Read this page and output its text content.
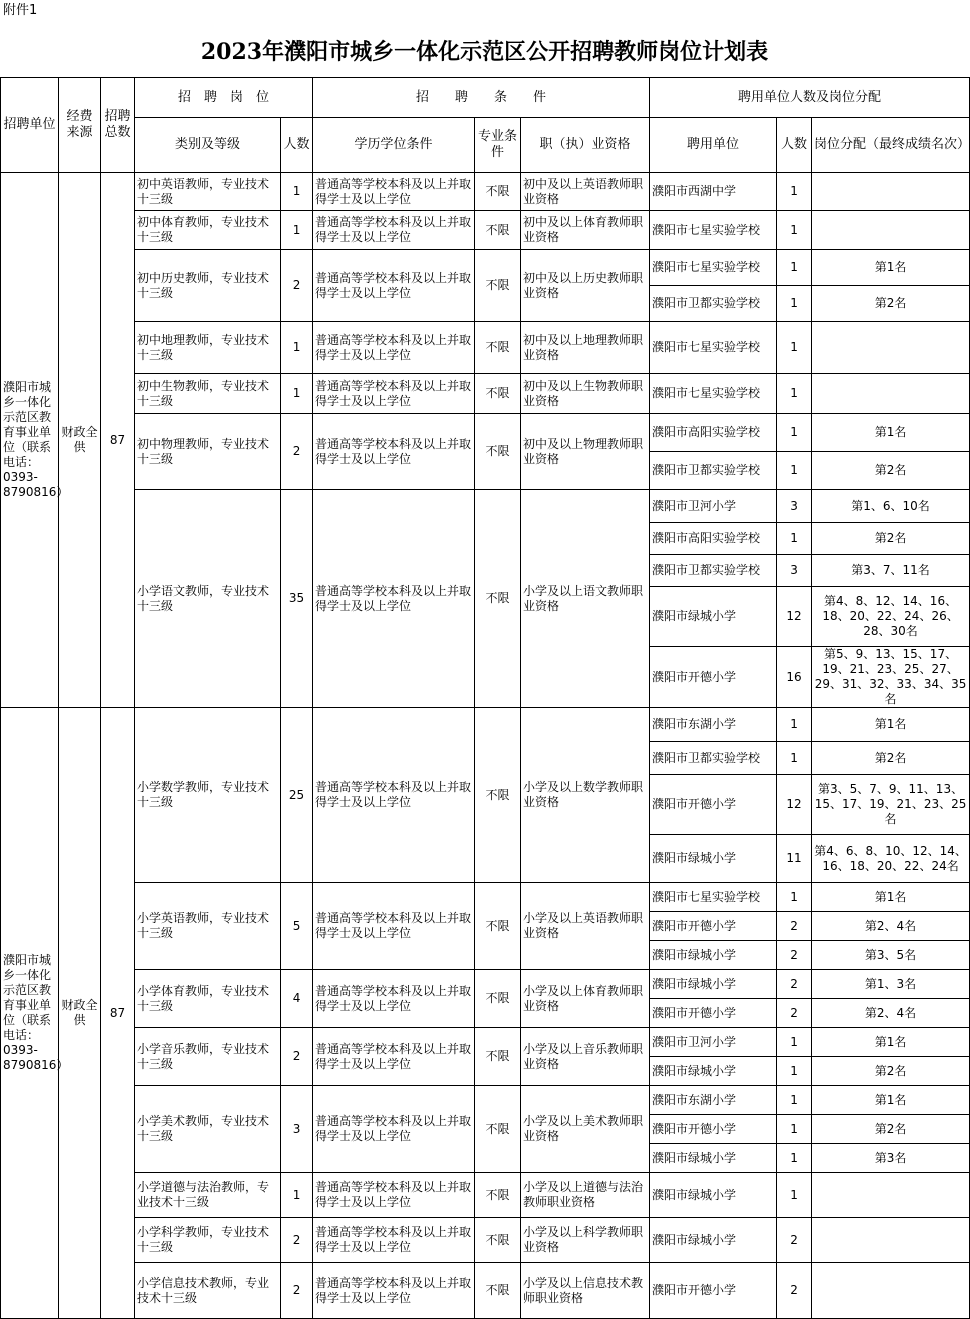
附件1
2023年濮阳市城乡一体化示范区公开招聘教师岗位计划表
招聘单位	经费来源	招聘总数	招　聘　岗　位		招　　聘　　条　　件			聘用单位人数及岗位分配		
			类别及等级	人数	学历学位条件	专业条件	职（执）业资格	聘用单位	人数	岗位分配（最终成绩名次）
濮阳市城乡一体化示范区教育事业单位（联系电话：0393-8790816）	财政全供	87	初中英语教师，专业技术十三级	1	普通高等学校本科及以上并取得学士及以上学位	不限	初中及以上英语教师职业资格	濮阳市西湖中学	1	
			初中体育教师，专业技术十三级	1	普通高等学校本科及以上并取得学士及以上学位	不限	初中及以上体育教师职业资格	濮阳市七星实验学校	1	
			初中历史教师，专业技术十三级	2	普通高等学校本科及以上并取得学士及以上学位	不限	初中及以上历史教师职业资格	濮阳市七星实验学校	1	第1名
								濮阳市卫都实验学校	1	第2名
			初中地理教师，专业技术十三级	1	普通高等学校本科及以上并取得学士及以上学位	不限	初中及以上地理教师职业资格	濮阳市七星实验学校	1	
			初中生物教师，专业技术十三级	1	普通高等学校本科及以上并取得学士及以上学位	不限	初中及以上生物教师职业资格	濮阳市七星实验学校	1	
			初中物理教师，专业技术十三级	2	普通高等学校本科及以上并取得学士及以上学位	不限	初中及以上物理教师职业资格	濮阳市高阳实验学校	1	第1名
								濮阳市卫都实验学校	1	第2名
			小学语文教师，专业技术十三级	35	普通高等学校本科及以上并取得学士及以上学位	不限	小学及以上语文教师职业资格	濮阳市卫河小学	3	第1、6、10名
								濮阳市高阳实验学校	1	第2名
								濮阳市卫都实验学校	3	第3、7、11名
								濮阳市绿城小学	12	第4、8、12、14、16、18、20、22、24、26、28、30名
								濮阳市开德小学	16	第5、9、13、15、17、19、21、23、25、27、29、31、32、33、34、35名
濮阳市城乡一体化示范区教育事业单位（联系电话：0393-8790816）	财政全供	87	小学数学教师，专业技术十三级	25	普通高等学校本科及以上并取得学士及以上学位	不限	小学及以上数学教师职业资格	濮阳市东湖小学	1	第1名
								濮阳市卫都实验学校	1	第2名
								濮阳市开德小学	12	第3、5、7、9、11、13、15、17、19、21、23、25名
								濮阳市绿城小学	11	第4、6、8、10、12、14、16、18、20、22、24名
			小学英语教师，专业技术十三级	5	普通高等学校本科及以上并取得学士及以上学位	不限	小学及以上英语教师职业资格	濮阳市七星实验学校	1	第1名
								濮阳市开德小学	2	第2、4名
								濮阳市绿城小学	2	第3、5名
			小学体育教师，专业技术十三级	4	普通高等学校本科及以上并取得学士及以上学位	不限	小学及以上体育教师职业资格	濮阳市绿城小学	2	第1、3名
								濮阳市开德小学	2	第2、4名
			小学音乐教师，专业技术十三级	2	普通高等学校本科及以上并取得学士及以上学位	不限	小学及以上音乐教师职业资格	濮阳市卫河小学	1	第1名
								濮阳市绿城小学	1	第2名
			小学美术教师，专业技术十三级	3	普通高等学校本科及以上并取得学士及以上学位	不限	小学及以上美术教师职业资格	濮阳市东湖小学	1	第1名
								濮阳市开德小学	1	第2名
								濮阳市绿城小学	1	第3名
			小学道德与法治教师，专业技术十三级	1	普通高等学校本科及以上并取得学士及以上学位	不限	小学及以上道德与法治教师职业资格	濮阳市绿城小学	1	
			小学科学教师，专业技术十三级	2	普通高等学校本科及以上并取得学士及以上学位	不限	小学及以上科学教师职业资格	濮阳市绿城小学	2	
			小学信息技术教师，专业技术十三级	2	普通高等学校本科及以上并取得学士及以上学位	不限	小学及以上信息技术教师职业资格	濮阳市开德小学	2	
